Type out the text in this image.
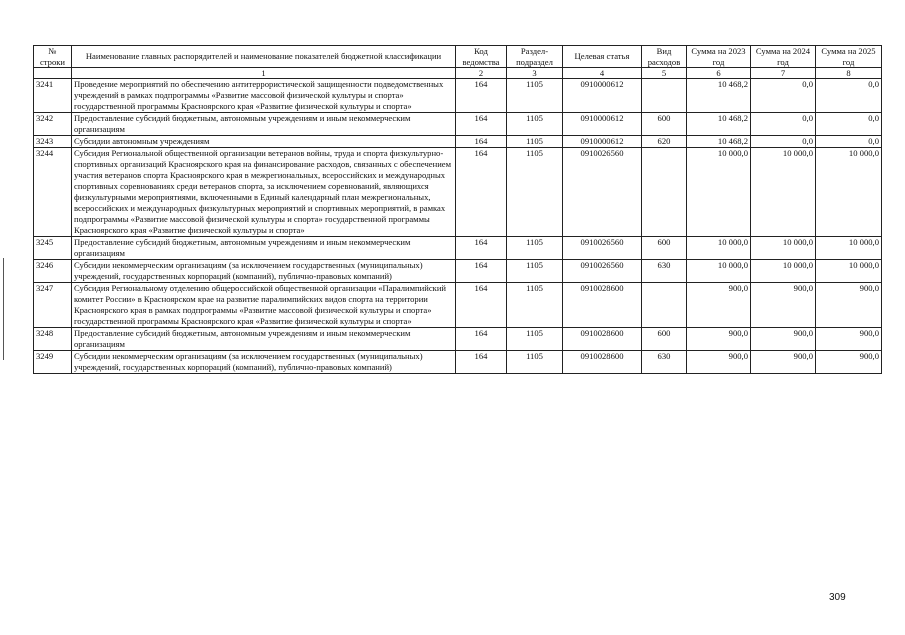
№ строки	Наименование главных распорядителей и наименование показателей бюджетной классификации	Код ведомства	Раздел-подраздел	Целевая статья	Вид расходов	Сумма на 2023 год	Сумма на 2024 год	Сумма на 2025 год
	1	2	3	4	5	6	7	8
3241	Проведение мероприятий по обеспечению антитеррористической защищенности подведомственных учреждений в рамках подпрограммы «Развитие массовой физической культуры и спорта» государственной программы Красноярского края «Развитие физической культуры и спорта»	164	1105	0910000612		10 468,2	0,0	0,0
3242	Предоставление субсидий бюджетным, автономным учреждениям и иным некоммерческим организациям	164	1105	0910000612	600	10 468,2	0,0	0,0
3243	Субсидии автономным учреждениям	164	1105	0910000612	620	10 468,2	0,0	0,0
3244	Субсидия Региональной общественной организации ветеранов войны, труда и спорта физкультурно-спортивных организаций Красноярского края на финансирование расходов, связанных с обеспечением участия ветеранов спорта Красноярского края в межрегиональных, всероссийских и международных спортивных соревнованиях среди ветеранов спорта, за исключением соревнований, являющихся физкультурными мероприятиями, включенными в Единый календарный план межрегиональных, всероссийских и международных физкультурных мероприятий и спортивных мероприятий, в рамках подпрограммы «Развитие массовой физической культуры и спорта» государственной программы Красноярского края «Развитие физической культуры и спорта»	164	1105	0910026560		10 000,0	10 000,0	10 000,0
3245	Предоставление субсидий бюджетным, автономным учреждениям и иным некоммерческим организациям	164	1105	0910026560	600	10 000,0	10 000,0	10 000,0
3246	Субсидии некоммерческим организациям (за исключением государственных (муниципальных) учреждений, государственных корпораций (компаний), публично-правовых компаний)	164	1105	0910026560	630	10 000,0	10 000,0	10 000,0
3247	Субсидия Региональному отделению общероссийской общественной организации «Паралимпийский комитет России» в Красноярском крае на развитие паралимпийских видов спорта на территории Красноярского края в рамках подпрограммы «Развитие массовой физической культуры и спорта» государственной программы Красноярского края «Развитие физической культуры и спорта»	164	1105	0910028600		900,0	900,0	900,0
3248	Предоставление субсидий бюджетным, автономным учреждениям и иным некоммерческим организациям	164	1105	0910028600	600	900,0	900,0	900,0
3249	Субсидии некоммерческим организациям (за исключением государственных (муниципальных) учреждений, государственных корпораций (компаний), публично-правовых компаний)	164	1105	0910028600	630	900,0	900,0	900,0
309
